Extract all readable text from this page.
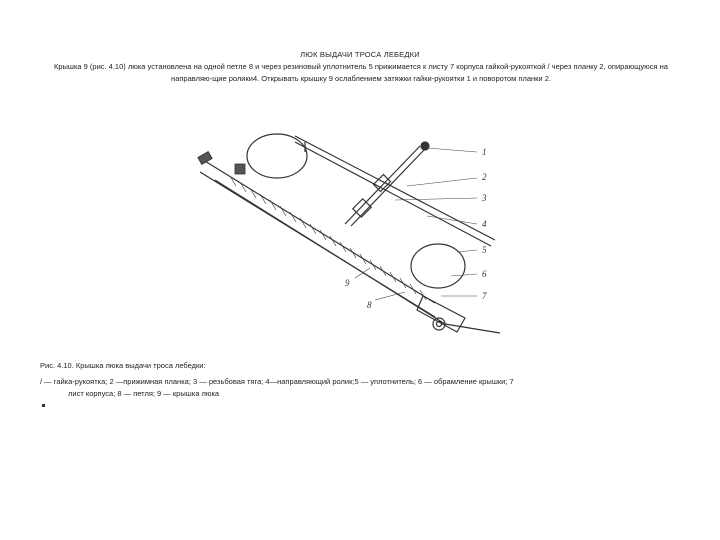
ЛЮК ВЫДАЧИ ТРОСА ЛЕБЕДКИ
Крышка 9 (рис. 4.10) люка установлена на одной петле 8 и через резиновый уплотнитель 5 прижимается к листу 7 корпуса гайкой-рукояткой / через планку 2, опирающуюся на направляю-щие ролики4. Открывать крышку 9 ослаблением затяжки гайки-рукоятки 1 и поворотом планки 2.
1
2
3
4
5
6
7
9
8
Рис. 4.10. Крышка люка выдачи троса лебедки:
/ — гайка-рукоятка; 2 —прижимная планка; 3 — резьбовая тяга; 4—направляющий ролик;5 — уплотнитель; 6 — обрамление крышки; 7
лист корпуса; 8 — петля; 9 — крышка люка
